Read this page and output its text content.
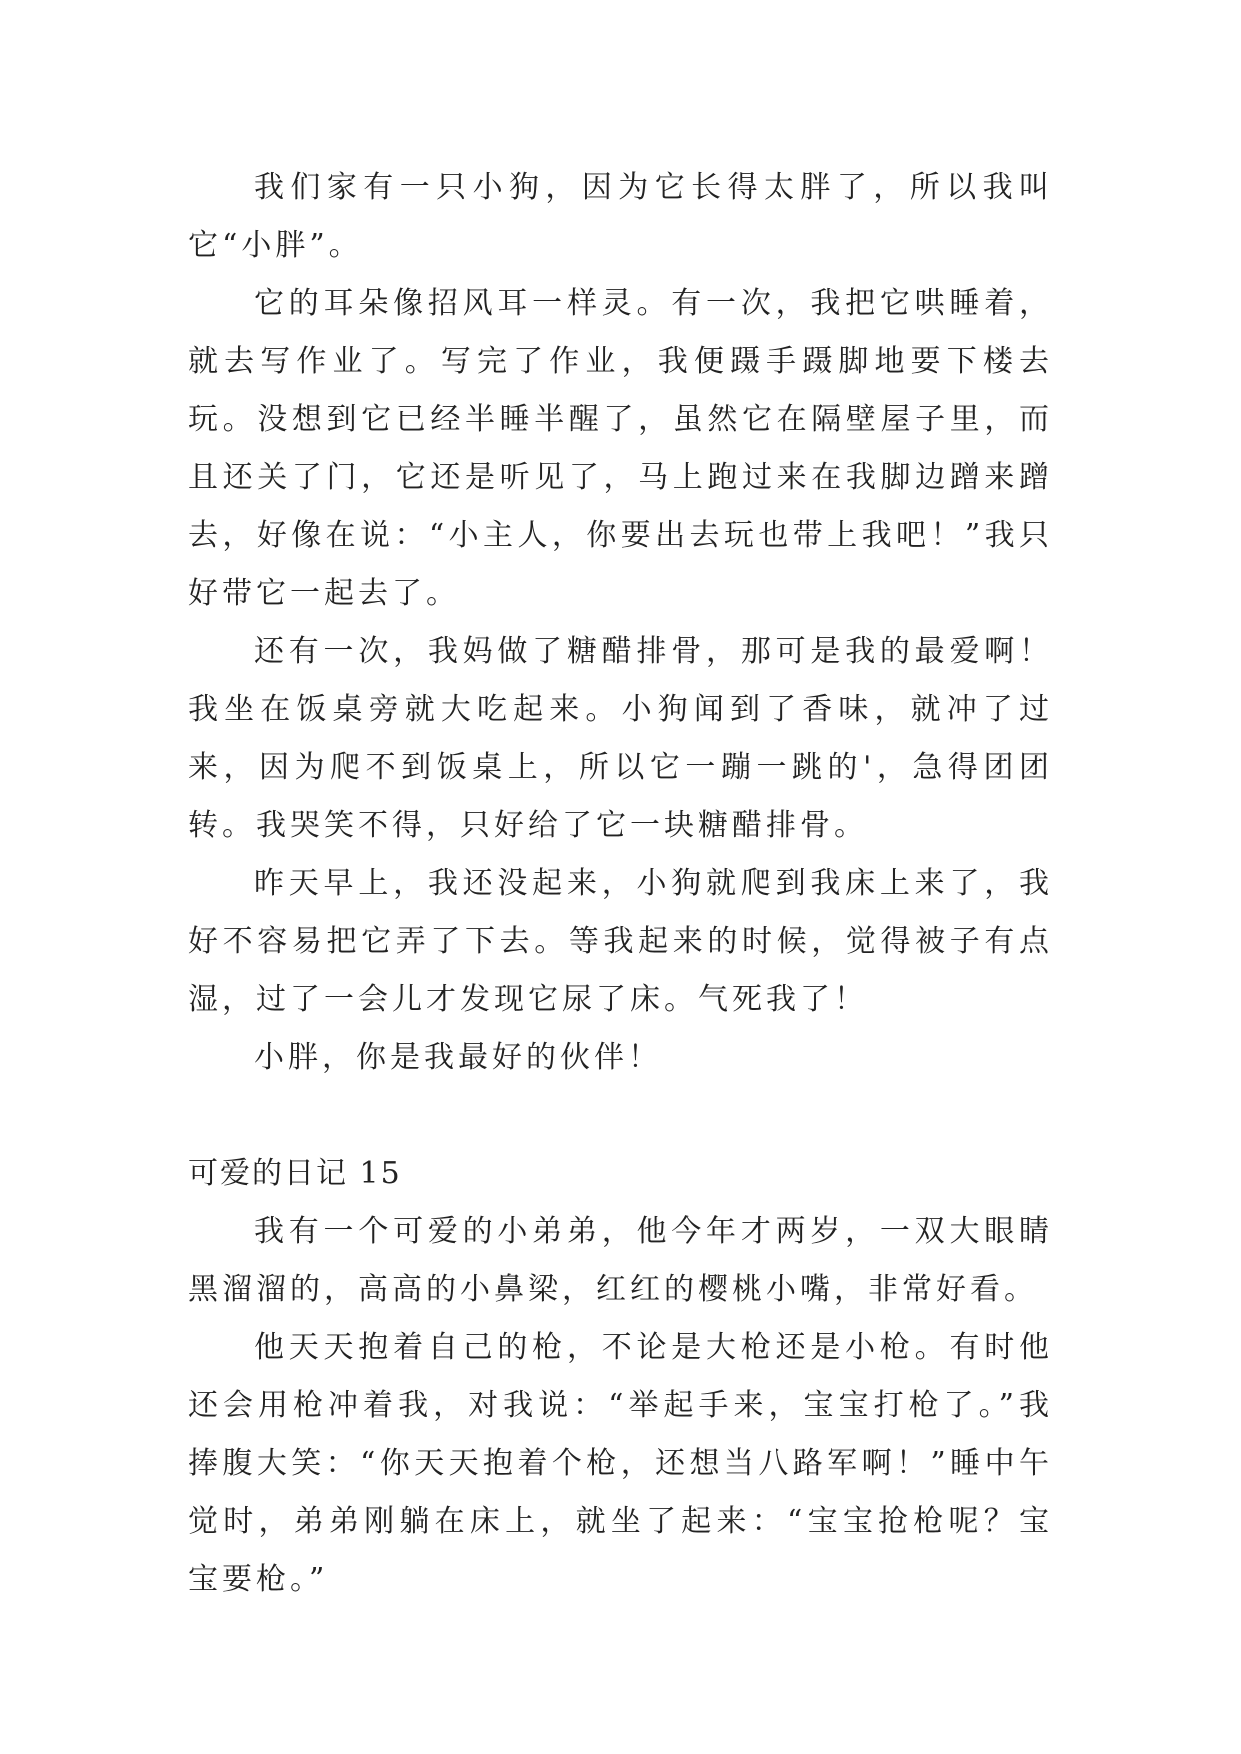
我们家有一只小狗，因为它长得太胖了，所以我叫它“小胖”。

它的耳朵像招风耳一样灵。有一次，我把它哄睡着，就去写作业了。写完了作业，我便蹑手蹑脚地要下楼去玩。没想到它已经半睡半醒了，虽然它在隔壁屋子里，而且还关了门，它还是听见了，马上跑过来在我脚边蹭来蹭去，好像在说：“小主人，你要出去玩也带上我吧！”我只好带它一起去了。

还有一次，我妈做了糖醋排骨，那可是我的最爱啊！我坐在饭桌旁就大吃起来。小狗闻到了香味，就冲了过来，因为爬不到饭桌上，所以它一蹦一跳的'，急得团团转。我哭笑不得，只好给了它一块糖醋排骨。

昨天早上，我还没起来，小狗就爬到我床上来了，我好不容易把它弄了下去。等我起来的时候，觉得被子有点湿，过了一会儿才发现它尿了床。气死我了！

小胖，你是我最好的伙伴！

可爱的日记 15

我有一个可爱的小弟弟，他今年才两岁，一双大眼睛黑溜溜的，高高的小鼻梁，红红的樱桃小嘴，非常好看。

他天天抱着自己的枪，不论是大枪还是小枪。有时他还会用枪冲着我，对我说：“举起手来，宝宝打枪了。”我捧腹大笑：“你天天抱着个枪，还想当八路军啊！”睡中午觉时，弟弟刚躺在床上，就坐了起来：“宝宝抢枪呢？宝宝要枪。”
